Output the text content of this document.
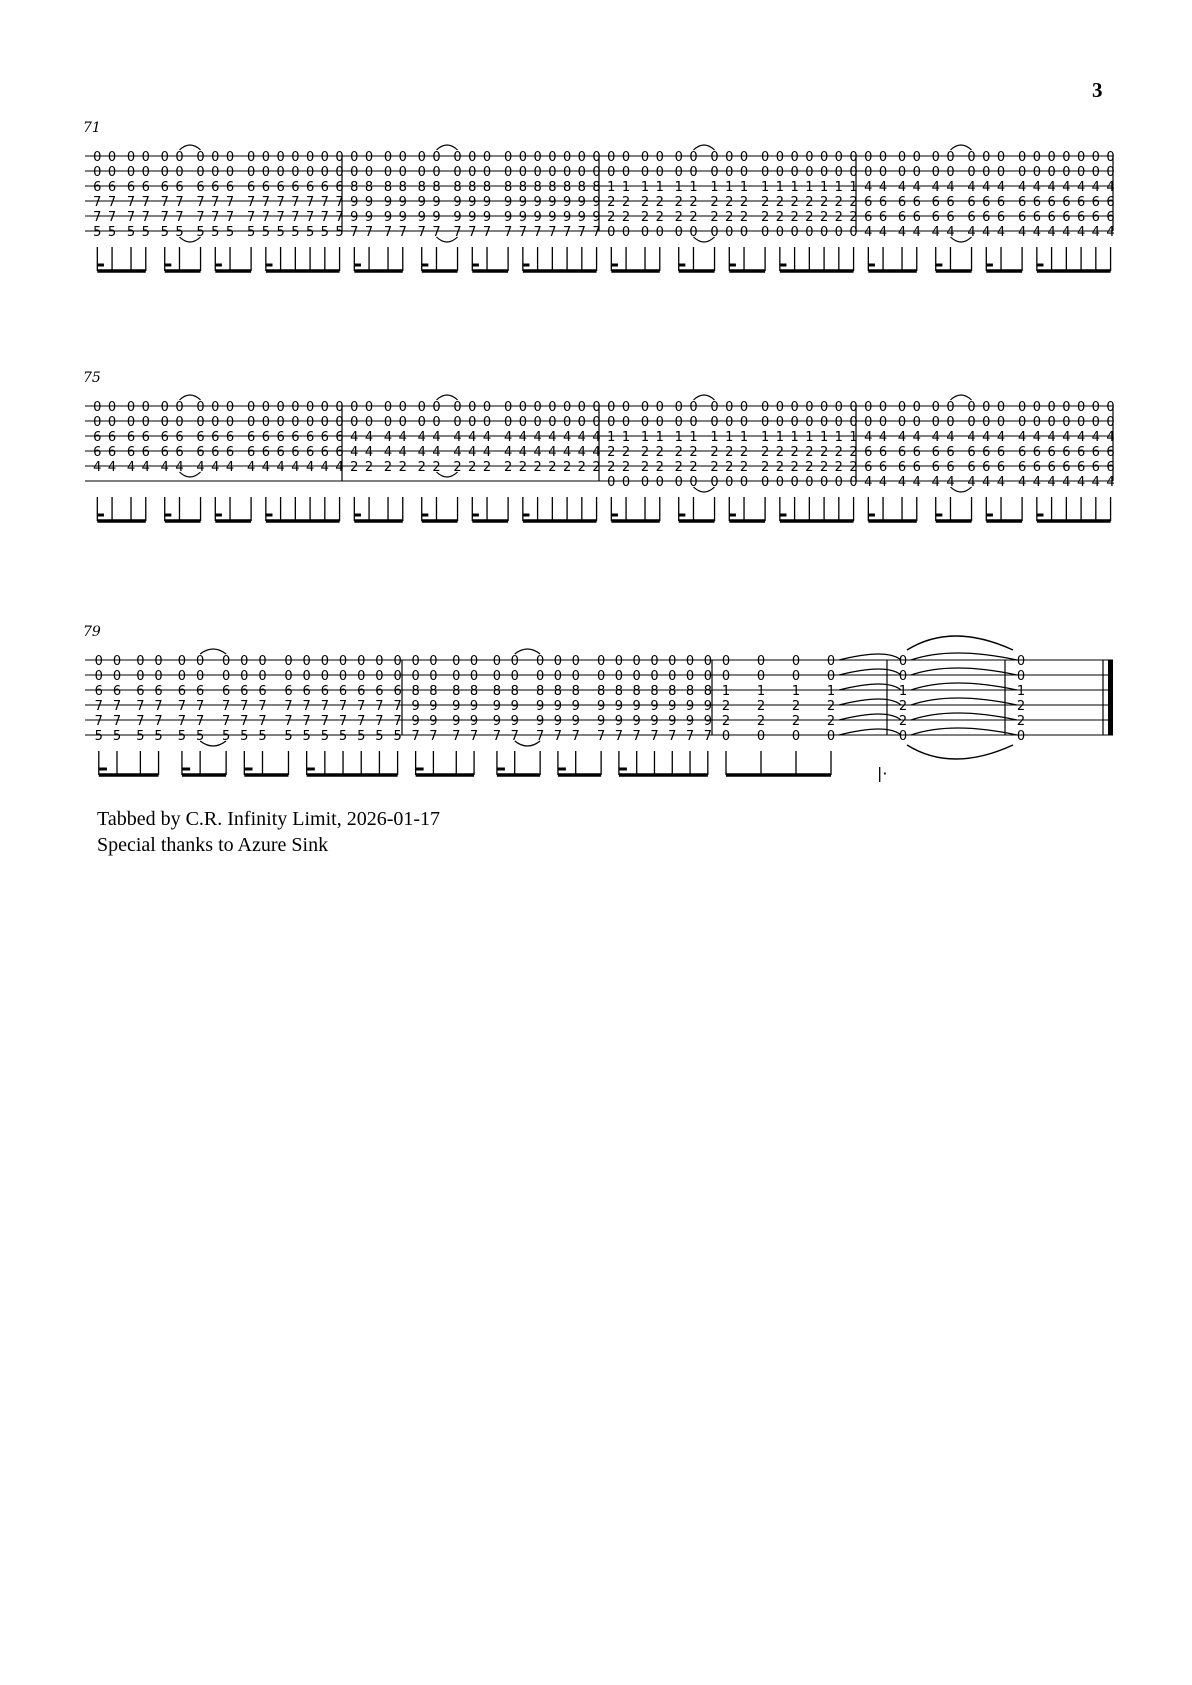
3
71
0 0 0 0 0 0 0 0 0 0 0 0 0 0 0 0
0 0 0 0 0 0 0 0 0 0 0 0 0 0 0 0
6 6 6 6 6 6 6 6 6 6 6 6 6 6 6 6
7 7 7 7 7 7 7 7 7 7 7 7 7 7 7 7
7 7 7 7 7 7 7 7 7 7 7 7 7 7 7 7
5 5 5 5 5 5 5 5 5 5 5 5 5 5 5 5
0 0 0 0 0 0 0 0 0 0 0 0 0 0 0 0
0 0 0 0 0 0 0 0 0 0 0 0 0 0 0 0
8 8 8 8 8 8 8 8 8 8 8 8 8 8 8 8
9 9 9 9 9 9 9 9 9 9 9 9 9 9 9 9
9 9 9 9 9 9 9 9 9 9 9 9 9 9 9 9
7 7 7 7 7 7 7 7 7 7 7 7 7 7 7 7
0 0 0 0 0 0 0 0 0 0 0 0 0 0 0 0
0 0 0 0 0 0 0 0 0 0 0 0 0 0 0 0
1 1 1 1 1 1 1 1 1 1 1 1 1 1 1 1
2 2 2 2 2 2 2 2 2 2 2 2 2 2 2 2
2 2 2 2 2 2 2 2 2 2 2 2 2 2 2 2
0 0 0 0 0 0 0 0 0 0 0 0 0 0 0 0
0 0 0 0 0 0 0 0 0 0 0 0 0 0 0 0
0 0 0 0 0 0 0 0 0 0 0 0 0 0 0 0
4 4 4 4 4 4 4 4 4 4 4 4 4 4 4 4
6 6 6 6 6 6 6 6 6 6 6 6 6 6 6 6
6 6 6 6 6 6 6 6 6 6 6 6 6 6 6 6
4 4 4 4 4 4 4 4 4 4 4 4 4 4 4 4
75
0 0 0 0 0 0 0 0 0 0 0 0 0 0 0 0
0 0 0 0 0 0 0 0 0 0 0 0 0 0 0 0
6 6 6 6 6 6 6 6 6 6 6 6 6 6 6 6
6 6 6 6 6 6 6 6 6 6 6 6 6 6 6 6
4 4 4 4 4 4 4 4 4 4 4 4 4 4 4 4
0 0 0 0 0 0 0 0 0 0 0 0 0 0 0 0
0 0 0 0 0 0 0 0 0 0 0 0 0 0 0 0
4 4 4 4 4 4 4 4 4 4 4 4 4 4 4 4
4 4 4 4 4 4 4 4 4 4 4 4 4 4 4 4
2 2 2 2 2 2 2 2 2 2 2 2 2 2 2 2
0 0 0 0 0 0 0 0 0 0 0 0 0 0 0 0
0 0 0 0 0 0 0 0 0 0 0 0 0 0 0 0
1 1 1 1 1 1 1 1 1 1 1 1 1 1 1 1
2 2 2 2 2 2 2 2 2 2 2 2 2 2 2 2
2 2 2 2 2 2 2 2 2 2 2 2 2 2 2 2
0 0 0 0 0 0 0 0 0 0 0 0 0 0 0 0
0 0 0 0 0 0 0 0 0 0 0 0 0 0 0 0
0 0 0 0 0 0 0 0 0 0 0 0 0 0 0 0
4 4 4 4 4 4 4 4 4 4 4 4 4 4 4 4
6 6 6 6 6 6 6 6 6 6 6 6 6 6 6 6
6 6 6 6 6 6 6 6 6 6 6 6 6 6 6 6
4 4 4 4 4 4 4 4 4 4 4 4 4 4 4 4
79
0 0 0 0 0 0 0 0 0 0 0 0 0 0 0 0
0 0 0 0 0 0 0 0 0 0 0 0 0 0 0 0
6 6 6 6 6 6 6 6 6 6 6 6 6 6 6 6
7 7 7 7 7 7 7 7 7 7 7 7 7 7 7 7
7 7 7 7 7 7 7 7 7 7 7 7 7 7 7 7
5 5 5 5 5 5 5 5 5 5 5 5 5 5 5 5
0 0 0 0 0 0 0 0 0 0 0 0 0 0 0 0
0 0 0 0 0 0 0 0 0 0 0 0 0 0 0 0
8 8 8 8 8 8 8 8 8 8 8 8 8 8 8 8
9 9 9 9 9 9 9 9 9 9 9 9 9 9 9 9
9 9 9 9 9 9 9 9 9 9 9 9 9 9 9 9
7 7 7 7 7 7 7 7 7 7 7 7 7 7 7 7
0 0 0 0
0 0 0 0
1 1 1 1
2 2 2 2
2 2 2 2
0 0 0 0
|·
0
0
1
2
2
0
0
0
1
2
2
0
Tabbed by C.R. Infinity Limit, 2026-01-17
Special thanks to Azure Sink
